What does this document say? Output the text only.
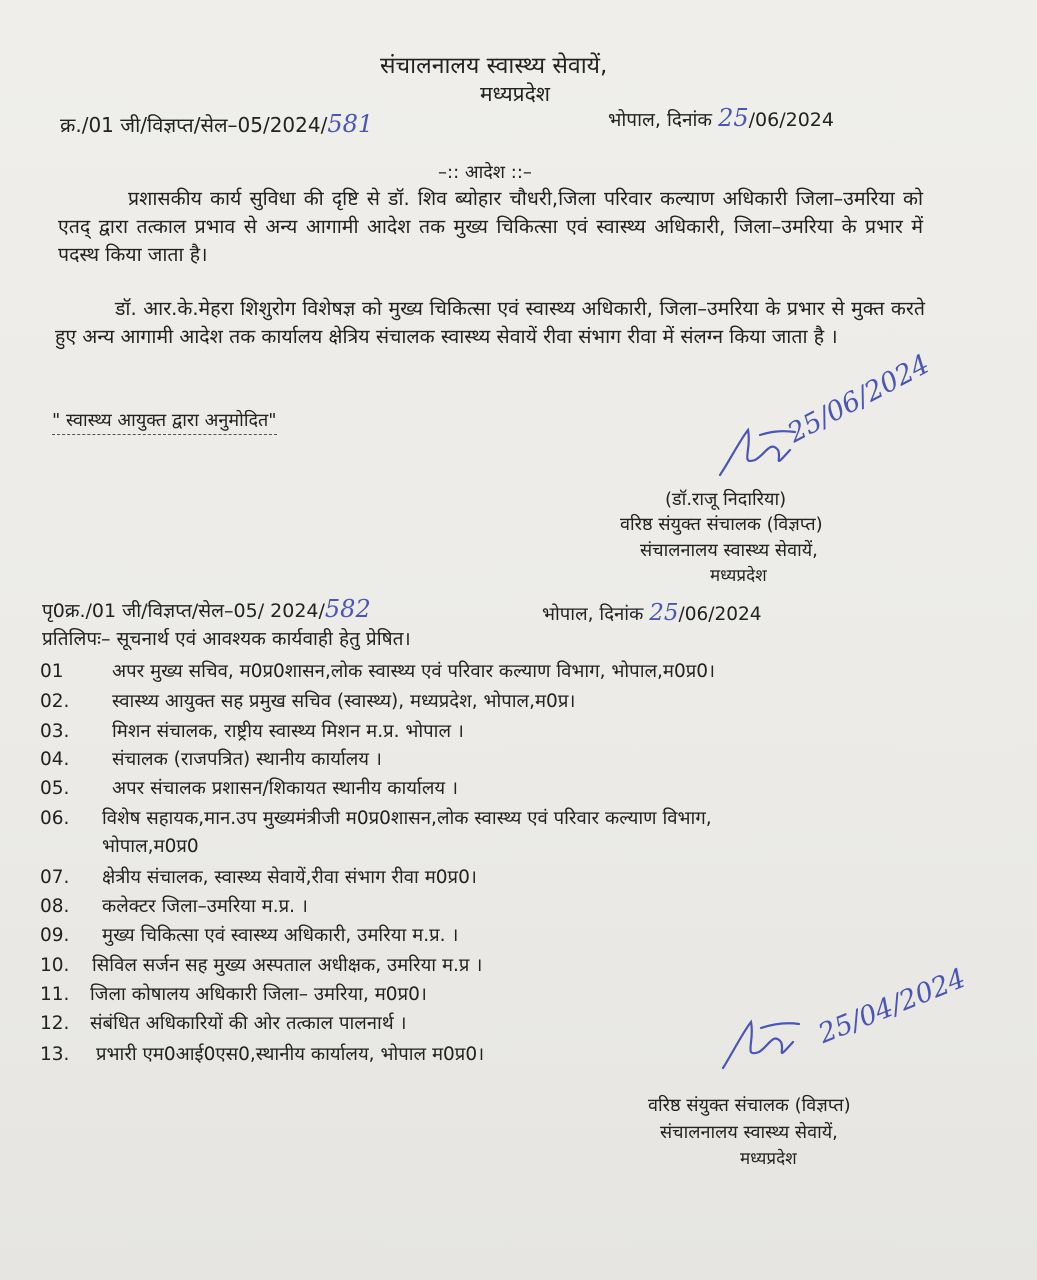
संचालनालय स्वास्थ्य सेवायें,
मध्यप्रदेश
क्र./01 जी/विज्ञप्त/सेल–05/2024/581	भोपाल, दिनांक 25/06/2024
–:: आदेश ::–
प्रशासकीय कार्य सुविधा की दृष्टि से डॉ. शिव ब्योहार चौधरी,जिला परिवार कल्याण अधिकारी जिला–उमरिया को एतद् द्वारा तत्काल प्रभाव से अन्य आगामी आदेश तक मुख्य चिकित्सा एवं स्वास्थ्य अधिकारी, जिला–उमरिया के प्रभार में पदस्थ किया जाता है।
डॉ. आर.के.मेहरा शिशुरोग विशेषज्ञ को मुख्य चिकित्सा एवं स्वास्थ्य अधिकारी, जिला–उमरिया के प्रभार से मुक्त करते हुए अन्य आगामी आदेश तक कार्यालय क्षेत्रिय संचालक स्वास्थ्य सेवायें रीवा संभाग रीवा में संलग्न किया जाता है ।
" स्वास्थ्य आयुक्त द्वारा अनुमोदित"	25/06/2024
(डॉ.राजू निदारिया)
वरिष्ठ संयुक्त संचालक (विज्ञप्त)
संचालनालय स्वास्थ्य सेवायें,
मध्यप्रदेश
पृ0क्र./01 जी/विज्ञप्त/सेल–05/ 2024/582	भोपाल, दिनांक 25/06/2024
प्रतिलिपः– सूचनार्थ एवं आवश्यक कार्यवाही हेतु प्रेषित।
01	अपर मुख्य सचिव, म0प्र0शासन,लोक स्वास्थ्य एवं परिवार कल्याण विभाग, भोपाल,म0प्र0।
02. स्वास्थ्य आयुक्त सह प्रमुख सचिव (स्वास्थ्य), मध्यप्रदेश, भोपाल,म0प्र।
03. मिशन संचालक, राष्ट्रीय स्वास्थ्य मिशन म.प्र. भोपाल ।
04. संचालक (राजपत्रित) स्थानीय कार्यालय ।
05. अपर संचालक प्रशासन/शिकायत स्थानीय कार्यालय ।
06. विशेष सहायक,मान.उप मुख्यमंत्रीजी म0प्र0शासन,लोक स्वास्थ्य एवं परिवार कल्याण विभाग,
भोपाल,म0प्र0
07. क्षेत्रीय संचालक, स्वास्थ्य सेवायें,रीवा संभाग रीवा म0प्र0।
08. कलेक्टर जिला–उमरिया म.प्र. ।
09. मुख्य चिकित्सा एवं स्वास्थ्य अधिकारी, उमरिया म.प्र. ।
10. सिविल सर्जन सह मुख्य अस्पताल अधीक्षक, उमरिया म.प्र ।
11. जिला कोषालय अधिकारी जिला– उमरिया, म0प्र0।
12. संबंधित अधिकारियों की ओर तत्काल पालनार्थ ।
13. प्रभारी एम0आई0एस0,स्थानीय कार्यालय, भोपाल म0प्र0।
25/04/2024
वरिष्ठ संयुक्त संचालक (विज्ञप्त)
संचालनालय स्वास्थ्य सेवायें,
मध्यप्रदेश
